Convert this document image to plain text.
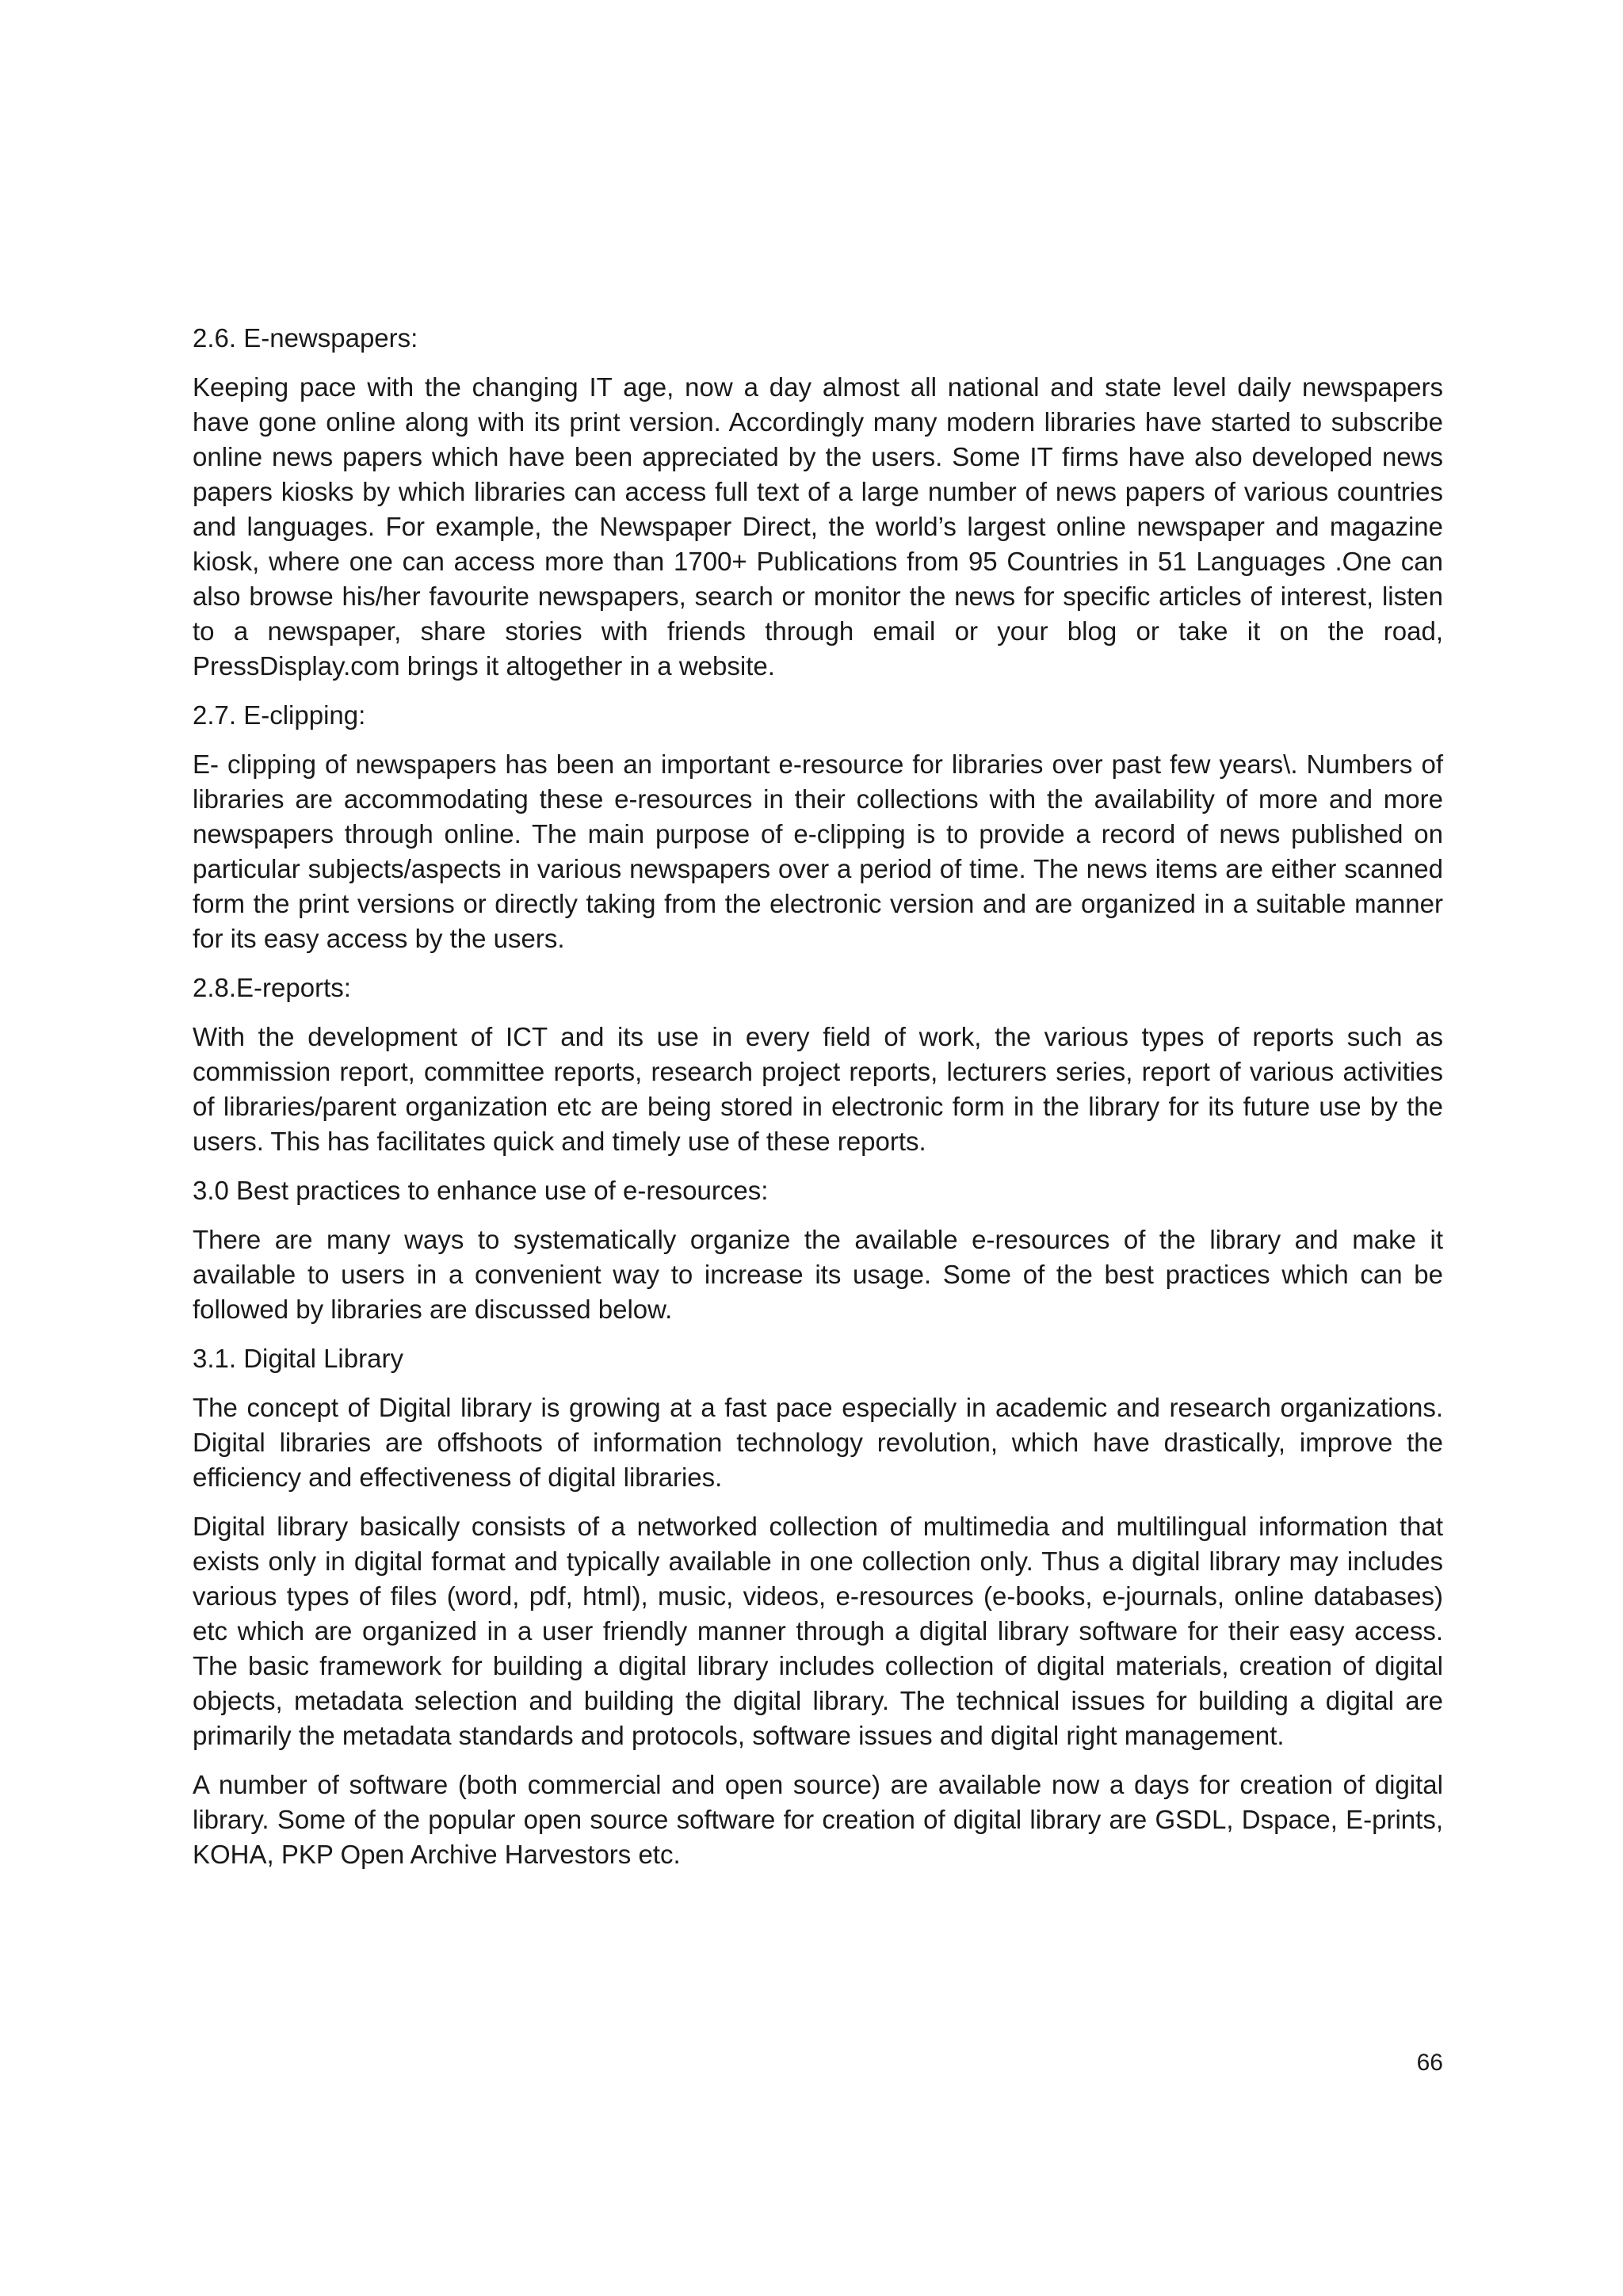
2.6. E-newspapers:

Keeping pace with the changing IT age, now a day almost all national and state level daily newspapers have gone online along with its print version. Accordingly many modern libraries have started to subscribe online news papers which have been appreciated by the users. Some IT firms have also developed news papers kiosks by which libraries can access full text of a large number of news papers of various countries and languages. For example, the Newspaper Direct, the world’s largest online newspaper and magazine kiosk, where one can access more than 1700+ Publications from 95 Countries in 51 Languages .One can also browse his/her favourite newspapers, search or monitor the news for specific articles of interest, listen to a newspaper, share stories with friends through email or your blog or take it on the road, PressDisplay.com brings it altogether in a website.

2.7. E-clipping:

E- clipping of newspapers has been an important e-resource for libraries over past few years\. Numbers of libraries are accommodating these e-resources in their collections with the availability of more and more newspapers through online. The main purpose of e-clipping is to provide a record of news published on particular subjects/aspects in various newspapers over a period of time. The news items are either scanned form the print versions or directly taking from the electronic version and are organized in a suitable manner for its easy access by the users.

2.8.E-reports:

With the development of ICT and its use in every field of work, the various types of reports such as commission report, committee reports, research project reports, lecturers series, report of various activities of libraries/parent organization etc are being stored in electronic form in the library for its future use by the users. This has facilitates quick and timely use of these reports.

3.0 Best practices to enhance use of e-resources:

There are many ways to systematically organize the available e-resources of the library and make it available to users in a convenient way to increase its usage. Some of the best practices which can be followed by libraries are discussed below.

3.1. Digital Library

The concept of Digital library is growing at a fast pace especially in academic and research organizations. Digital libraries are offshoots of information technology revolution, which have drastically, improve the efficiency and effectiveness of digital libraries.

Digital library basically consists of a networked collection of multimedia and multilingual information that exists only in digital format and typically available in one collection only. Thus a digital library may includes various types of files (word, pdf, html), music, videos, e-resources (e-books, e-journals, online databases) etc which are organized in a user friendly manner through a digital library software for their easy access. The basic framework for building a digital library includes collection of digital materials, creation of digital objects, metadata selection and building the digital library. The technical issues for building a digital are primarily the metadata standards and protocols, software issues and digital right management.

A number of software (both commercial and open source) are available now a days for creation of digital library. Some of the popular open source software for creation of digital library are GSDL, Dspace, E-prints, KOHA, PKP Open Archive Harvestors etc.

66
